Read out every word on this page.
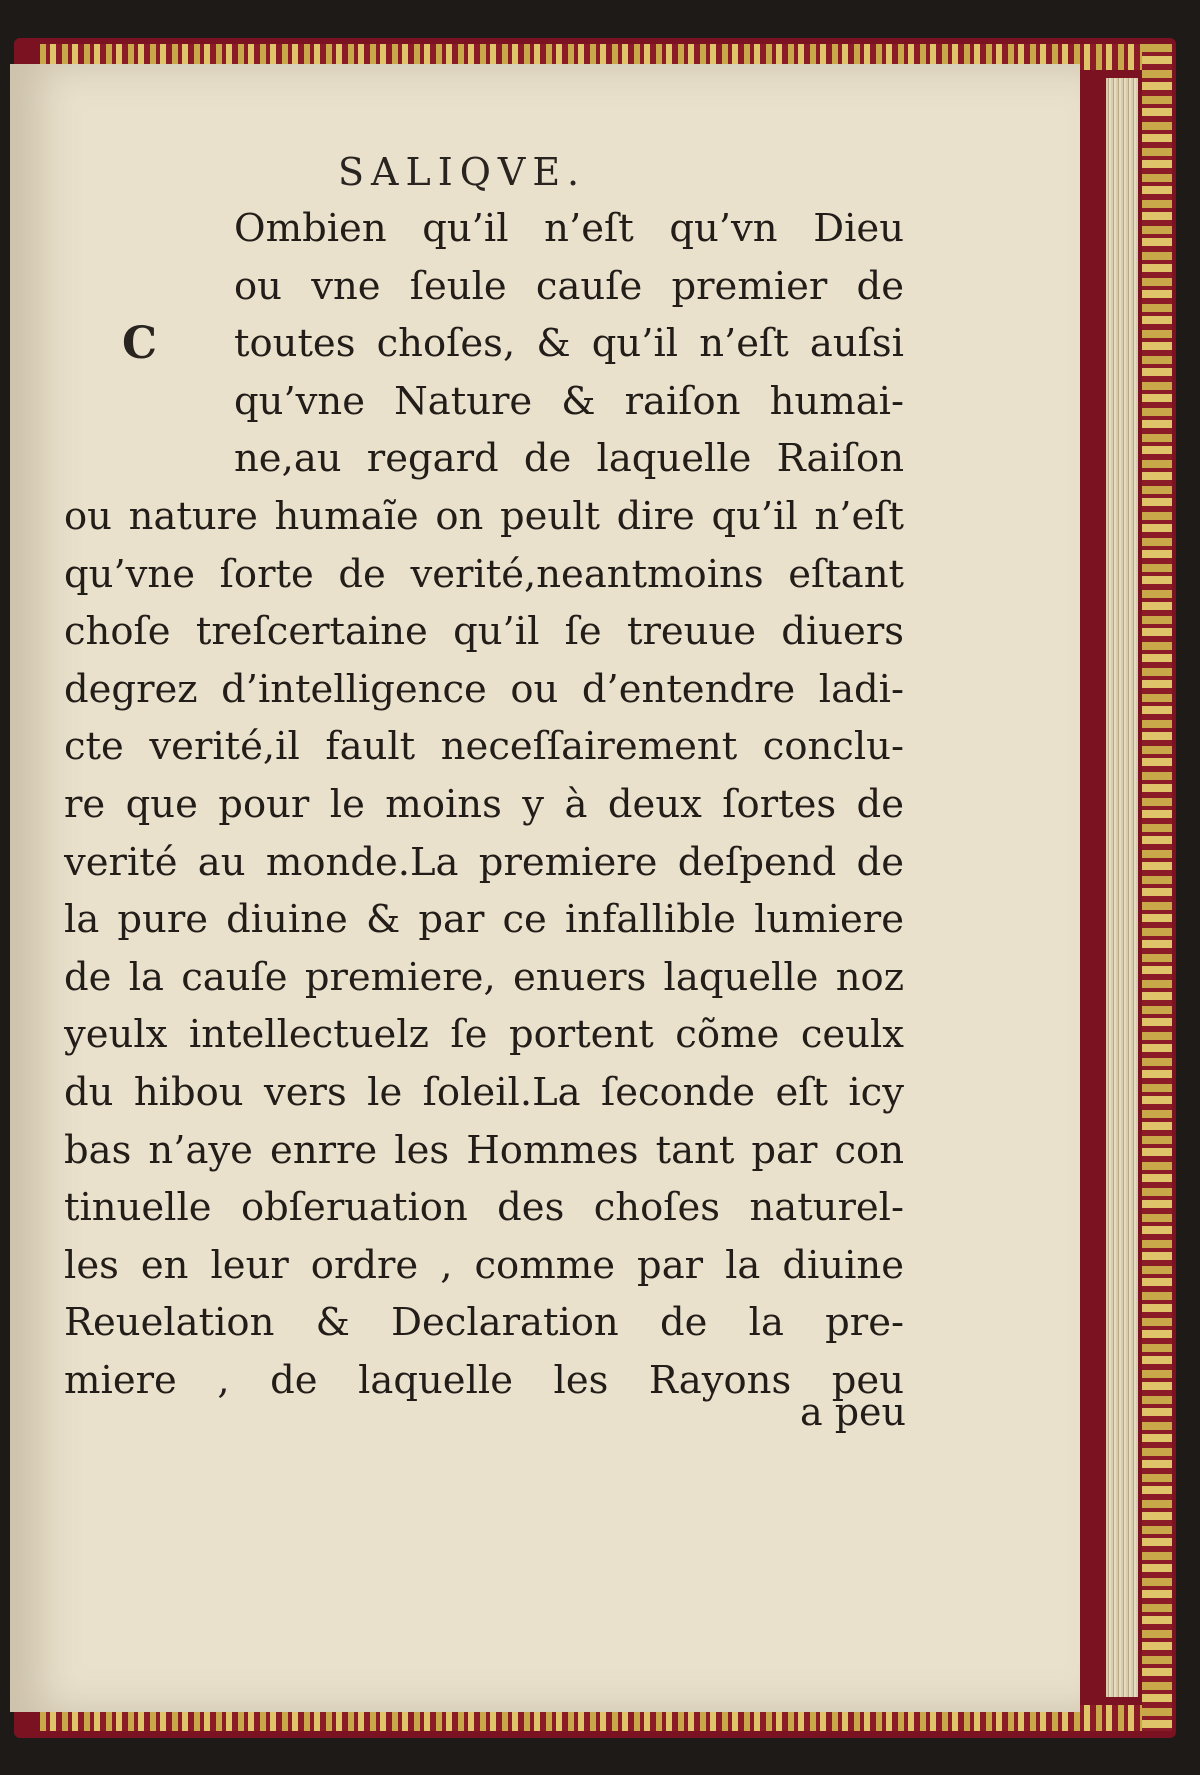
SALIQVE.
C
Ombien qu’il n’eſt qu’vn Dieu
ou vne ſeule cauſe premier de
toutes choſes, & qu’il n’eſt auſsi
qu’vne Nature & raiſon humai-
ne,au regard de laquelle Raiſon
ou nature humaĩe on peult dire qu’il n’eſt
qu’vne ſorte de verité,neantmoins eſtant
choſe treſcertaine qu’il ſe treuue diuers
degrez d’intelligence ou d’entendre ladi-
cte verité,il fault neceſſairement conclu-
re que pour le moins y à deux ſortes de
verité au monde.La premiere deſpend de
la pure diuine & par ce infallible lumiere
de la cauſe premiere, enuers laquelle noz
yeulx intellectuelz ſe portent cõme ceulx
du hibou vers le ſoleil.La ſeconde eſt icy
bas n’aye enrre les Hommes tant par con
tinuelle obſeruation des choſes naturel-
les en leur ordre , comme par la diuine
Reuelation & Declaration de la pre-
miere , de laquelle les Rayons peu
a peu
